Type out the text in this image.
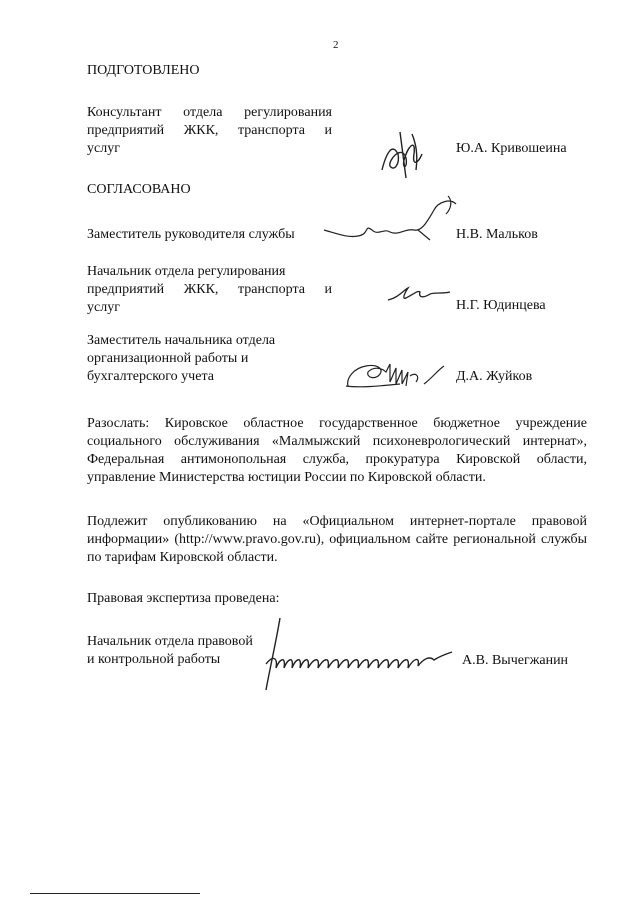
2
ПОДГОТОВЛЕНО
Консультант отдела регулирования
предприятий ЖКК, транспорта и
услуг	Ю.А. Кривошеина
СОГЛАСОВАНО
Заместитель руководителя службы	Н.В. Мальков
Начальник отдела регулирования
предприятий ЖКК, транспорта и
услуг	Н.Г. Юдинцева
Заместитель начальника отдела
организационной работы и
бухгалтерского учета	Д.А. Жуйков
Разослать: Кировское областное государственное бюджетное учреждение социального обслуживания «Малмыжский психоневрологический интернат», Федеральная антимонопольная служба, прокуратура Кировской области, управление Министерства юстиции России по Кировской области.
Подлежит опубликованию на «Официальном интернет-портале правовой информации» (http://www.pravo.gov.ru), официальном сайте региональной службы по тарифам Кировской области.
Правовая экспертиза проведена:
Начальник отдела правовой
и контрольной работы	А.В. Вычегжанин
